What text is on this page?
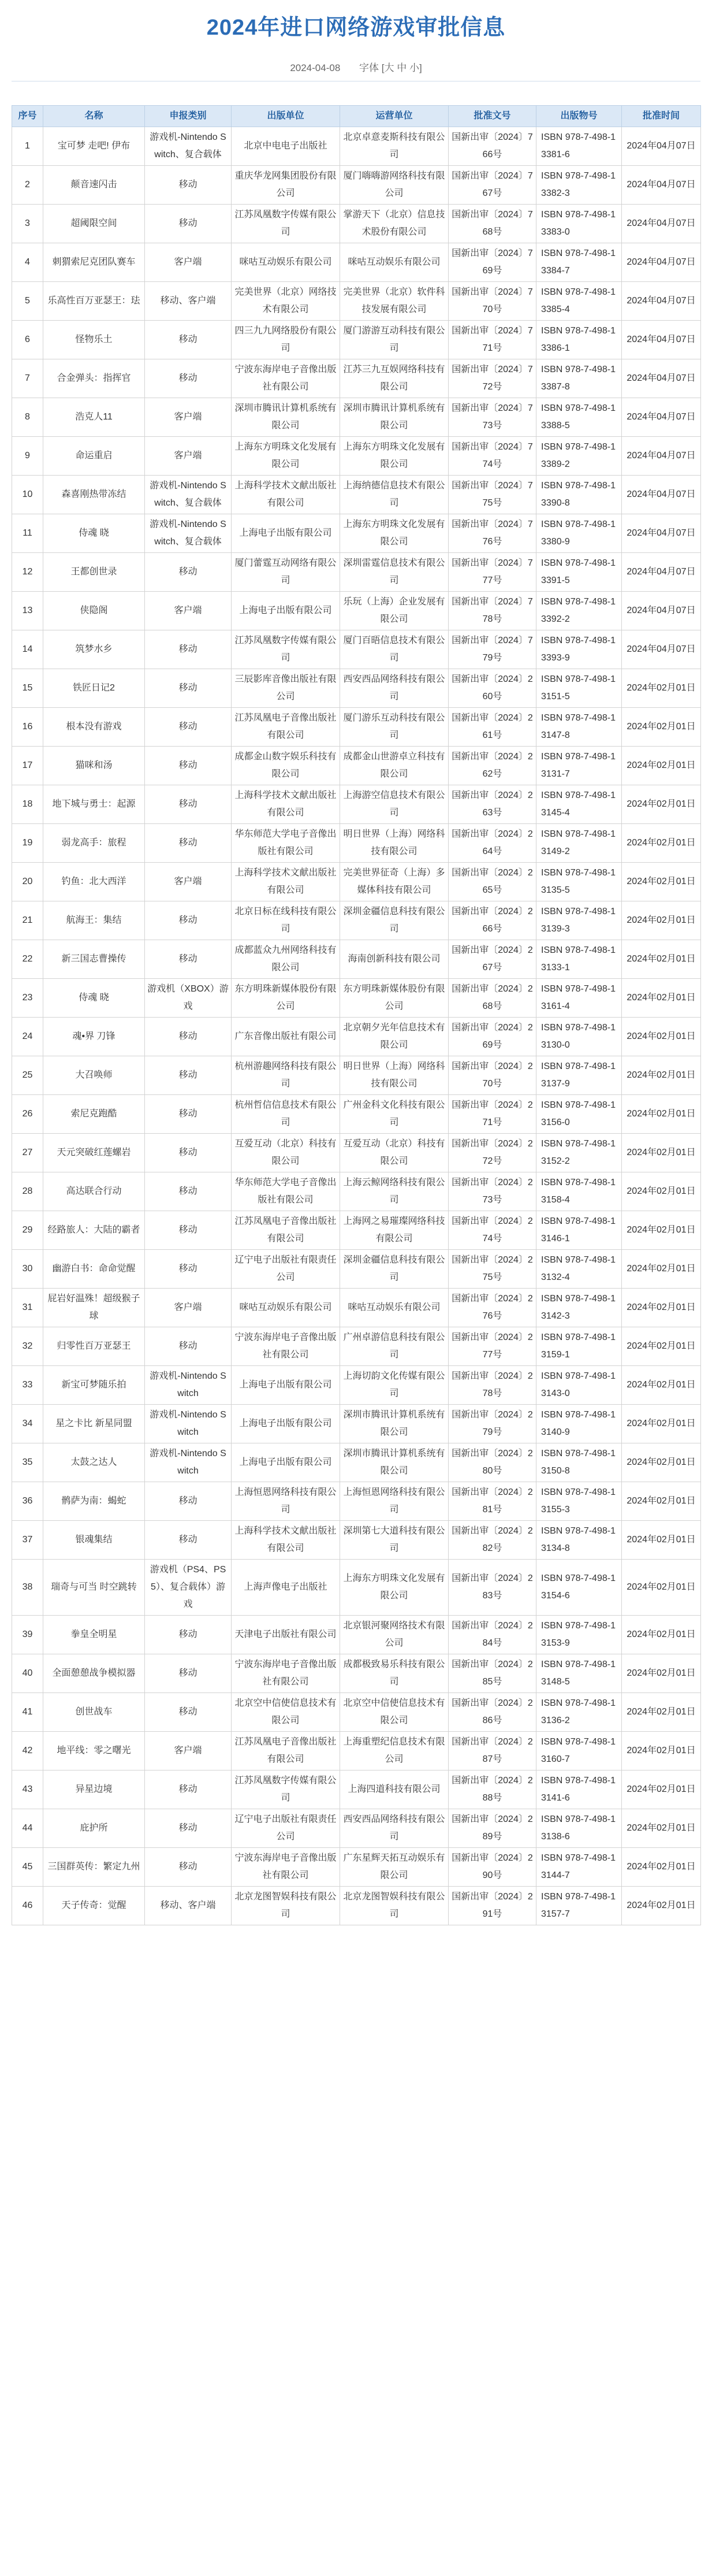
2024年进口网络游戏审批信息
2024-04-08 字体 [大 中 小]
序号	名称	申报类别	出版单位	运营单位	批准文号	出版物号	批准时间
1	宝可梦 走吧! 伊布	游戏机-Nintendo Switch、复合载体	北京中电电子出版社	北京卓意麦斯科技有限公司	国新出审〔2024〕766号	ISBN 978-7-498-13381-6	2024年04月07日
2	颠音速闪击	移动	重庆华龙网集团股份有限公司	厦门嗨嗨游网络科技有限公司	国新出审〔2024〕767号	ISBN 978-7-498-13382-3	2024年04月07日
3	超阈限空间	移动	江苏凤凰数字传媒有限公司	掌游天下（北京）信息技术股份有限公司	国新出审〔2024〕768号	ISBN 978-7-498-13383-0	2024年04月07日
4	刺猬索尼克团队赛车	客户端	咪咕互动娱乐有限公司	咪咕互动娱乐有限公司	国新出审〔2024〕769号	ISBN 978-7-498-13384-7	2024年04月07日
5	乐高性百万亚瑟王：珐	移动、客户端	完美世界（北京）网络技术有限公司	完美世界（北京）软件科技发展有限公司	国新出审〔2024〕770号	ISBN 978-7-498-13385-4	2024年04月07日
6	怪物乐土	移动	四三九九网络股份有限公司	厦门游游互动科技有限公司	国新出审〔2024〕771号	ISBN 978-7-498-13386-1	2024年04月07日
7	合金弹头：指挥官	移动	宁波东海岸电子音像出版社有限公司	江苏三九互娱网络科技有限公司	国新出审〔2024〕772号	ISBN 978-7-498-13387-8	2024年04月07日
8	浩克人11	客户端	深圳市腾讯计算机系统有限公司	深圳市腾讯计算机系统有限公司	国新出审〔2024〕773号	ISBN 978-7-498-13388-5	2024年04月07日
9	命运重启	客户端	上海东方明珠文化发展有限公司	上海东方明珠文化发展有限公司	国新出审〔2024〕774号	ISBN 978-7-498-13389-2	2024年04月07日
10	森喜刚热带冻结	游戏机-Nintendo Switch、复合载体	上海科学技术文献出版社有限公司	上海纳德信息技术有限公司	国新出审〔2024〕775号	ISBN 978-7-498-13390-8	2024年04月07日
11	侍魂 晓	游戏机-Nintendo Switch、复合载体	上海电子出版有限公司	上海东方明珠文化发展有限公司	国新出审〔2024〕776号	ISBN 978-7-498-13380-9	2024年04月07日
12	王都创世录	移动	厦门蕾霆互动网络有限公司	深圳雷霆信息技术有限公司	国新出审〔2024〕777号	ISBN 978-7-498-13391-5	2024年04月07日
13	侠隐阁	客户端	上海电子出版有限公司	乐玩（上海）企业发展有限公司	国新出审〔2024〕778号	ISBN 978-7-498-13392-2	2024年04月07日
14	筑梦水乡	移动	江苏凤凰数字传媒有限公司	厦门百晤信息技术有限公司	国新出审〔2024〕779号	ISBN 978-7-498-13393-9	2024年04月07日
15	铁匠日记2	移动	三辰影库音像出版社有限公司	西安西品网络科技有限公司	国新出审〔2024〕260号	ISBN 978-7-498-13151-5	2024年02月01日
16	根本没有游戏	移动	江苏凤凰电子音像出版社有限公司	厦门游乐互动科技有限公司	国新出审〔2024〕261号	ISBN 978-7-498-13147-8	2024年02月01日
17	猫咪和汤	移动	成都金山数字娱乐科技有限公司	成都金山世游卓立科技有限公司	国新出审〔2024〕262号	ISBN 978-7-498-13131-7	2024年02月01日
18	地下城与勇士：起源	移动	上海科学技术文献出版社有限公司	上海游空信息技术有限公司	国新出审〔2024〕263号	ISBN 978-7-498-13145-4	2024年02月01日
19	弱龙高手：旅程	移动	华东师范大学电子音像出版社有限公司	明日世界（上海）网络科技有限公司	国新出审〔2024〕264号	ISBN 978-7-498-13149-2	2024年02月01日
20	钓鱼：北大西洋	客户端	上海科学技术文献出版社有限公司	完美世界征奇（上海）多媒体科技有限公司	国新出审〔2024〕265号	ISBN 978-7-498-13135-5	2024年02月01日
21	航海王：集结	移动	北京日标在线科技有限公司	深圳金疆信息科技有限公司	国新出审〔2024〕266号	ISBN 978-7-498-13139-3	2024年02月01日
22	新三国志曹操传	移动	成都蓝众九州网络科技有限公司	海南创新科技有限公司	国新出审〔2024〕267号	ISBN 978-7-498-13133-1	2024年02月01日
23	侍魂 晓	游戏机（XBOX）游戏	东方明珠新媒体股份有限公司	东方明珠新媒体股份有限公司	国新出审〔2024〕268号	ISBN 978-7-498-13161-4	2024年02月01日
24	魂•界 刀锋	移动	广东音像出版社有限公司	北京朝夕光年信息技术有限公司	国新出审〔2024〕269号	ISBN 978-7-498-13130-0	2024年02月01日
25	大召唤师	移动	杭州游趣网络科技有限公司	明日世界（上海）网络科技有限公司	国新出审〔2024〕270号	ISBN 978-7-498-13137-9	2024年02月01日
26	索尼克跑酷	移动	杭州哲信信息技术有限公司	广州金科文化科技有限公司	国新出审〔2024〕271号	ISBN 978-7-498-13156-0	2024年02月01日
27	天元突破红莲螺岩	移动	互爱互动（北京）科技有限公司	互爱互动（北京）科技有限公司	国新出审〔2024〕272号	ISBN 978-7-498-13152-2	2024年02月01日
28	高达联合行动	移动	华东师范大学电子音像出版社有限公司	上海云鲸网络科技有限公司	国新出审〔2024〕273号	ISBN 978-7-498-13158-4	2024年02月01日
29	经路旅人：大陆的霸者	移动	江苏凤凰电子音像出版社有限公司	上海网之易璀璨网络科技有限公司	国新出审〔2024〕274号	ISBN 978-7-498-13146-1	2024年02月01日
30	幽游白书：命命觉醒	移动	辽宁电子出版社有限责任公司	深圳金疆信息科技有限公司	国新出审〔2024〕275号	ISBN 978-7-498-13132-4	2024年02月01日
31	屁岩好温殊！超级猴子球	客户端	咪咕互动娱乐有限公司	咪咕互动娱乐有限公司	国新出审〔2024〕276号	ISBN 978-7-498-13142-3	2024年02月01日
32	归零性百万亚瑟王	移动	宁波东海岸电子音像出版社有限公司	广州卓游信息科技有限公司	国新出审〔2024〕277号	ISBN 978-7-498-13159-1	2024年02月01日
33	新宝可梦随乐拍	游戏机-Nintendo Switch	上海电子出版有限公司	上海切韵文化传媒有限公司	国新出审〔2024〕278号	ISBN 978-7-498-13143-0	2024年02月01日
34	星之卡比 新星同盟	游戏机-Nintendo Switch	上海电子出版有限公司	深圳市腾讯计算机系统有限公司	国新出审〔2024〕279号	ISBN 978-7-498-13140-9	2024年02月01日
35	太鼓之达人	游戏机-Nintendo Switch	上海电子出版有限公司	深圳市腾讯计算机系统有限公司	国新出审〔2024〕280号	ISBN 978-7-498-13150-8	2024年02月01日
36	鹘萨为南：蝎蛇	移动	上海恒恩网络科技有限公司	上海恒恩网络科技有限公司	国新出审〔2024〕281号	ISBN 978-7-498-13155-3	2024年02月01日
37	银魂集结	移动	上海科学技术文献出版社有限公司	深圳第七大道科技有限公司	国新出审〔2024〕282号	ISBN 978-7-498-13134-8	2024年02月01日
38	瑞奇与可当 时空跳转	游戏机（PS4、PS5）、复合载体）游戏	上海声像电子出版社	上海东方明珠文化发展有限公司	国新出审〔2024〕283号	ISBN 978-7-498-13154-6	2024年02月01日
39	拳皇全明星	移动	天津电子出版社有限公司	北京银河聚网络技术有限公司	国新出审〔2024〕284号	ISBN 978-7-498-13153-9	2024年02月01日
40	全面憩憩战争模拟器	移动	宁波东海岸电子音像出版社有限公司	成都极致易乐科技有限公司	国新出审〔2024〕285号	ISBN 978-7-498-13148-5	2024年02月01日
41	创世战车	移动	北京空中信使信息技术有限公司	北京空中信使信息技术有限公司	国新出审〔2024〕286号	ISBN 978-7-498-13136-2	2024年02月01日
42	地平线：零之曙光	客户端	江苏凤凰电子音像出版社有限公司	上海重塑纪信息技术有限公司	国新出审〔2024〕287号	ISBN 978-7-498-13160-7	2024年02月01日
43	异星边境	移动	江苏凤凰数字传媒有限公司	上海四道科技有限公司	国新出审〔2024〕288号	ISBN 978-7-498-13141-6	2024年02月01日
44	庇护所	移动	辽宁电子出版社有限责任公司	西安西品网络科技有限公司	国新出审〔2024〕289号	ISBN 978-7-498-13138-6	2024年02月01日
45	三国群英传：繁定九州	移动	宁波东海岸电子音像出版社有限公司	广东星辉天拓互动娱乐有限公司	国新出审〔2024〕290号	ISBN 978-7-498-13144-7	2024年02月01日
46	天子传奇：觉醒	移动、客户端	北京龙图智娱科技有限公司	北京龙图智娱科技有限公司	国新出审〔2024〕291号	ISBN 978-7-498-13157-7	2024年02月01日
